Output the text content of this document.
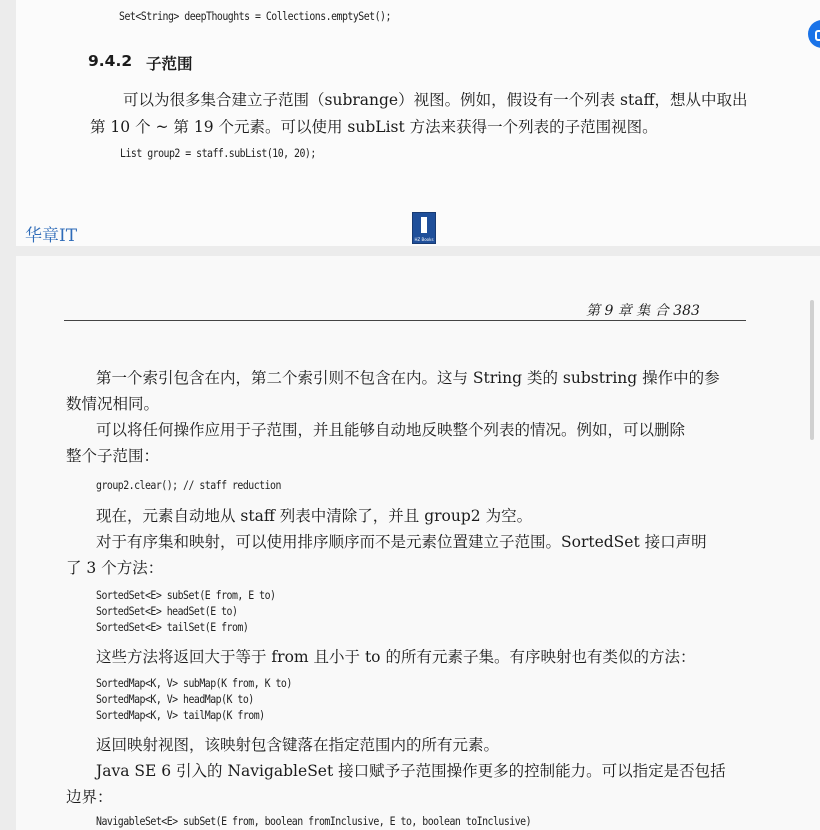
Set<String> deepThoughts = Collections.emptySet();
9.4.2 子范围
可以为很多集合建立子范围（subrange）视图。例如，假设有一个列表 staff，想从中取出
第 10 个 ~ 第 19 个元素。可以使用 subList 方法来获得一个列表的子范围视图。
List group2 = staff.subList(10, 20);
华章IT	HZ Books
第 9 章 集 合 383
第一个索引包含在内，第二个索引则不包含在内。这与 String 类的 substring 操作中的参
数情况相同。
可以将任何操作应用于子范围，并且能够自动地反映整个列表的情况。例如，可以删除
整个子范围：
group2.clear(); // staff reduction
现在，元素自动地从 staff 列表中清除了，并且 group2 为空。
对于有序集和映射，可以使用排序顺序而不是元素位置建立子范围。SortedSet 接口声明
了 3 个方法：
SortedSet<E> subSet(E from, E to)
SortedSet<E> headSet(E to)
SortedSet<E> tailSet(E from)
这些方法将返回大于等于 from 且小于 to 的所有元素子集。有序映射也有类似的方法：
SortedMap<K, V> subMap(K from, K to)
SortedMap<K, V> headMap(K to)
SortedMap<K, V> tailMap(K from)
返回映射视图，该映射包含键落在指定范围内的所有元素。
Java SE 6 引入的 NavigableSet 接口赋予子范围操作更多的控制能力。可以指定是否包括
边界：
NavigableSet<E> subSet(E from, boolean fromInclusive, E to, boolean toInclusive)
